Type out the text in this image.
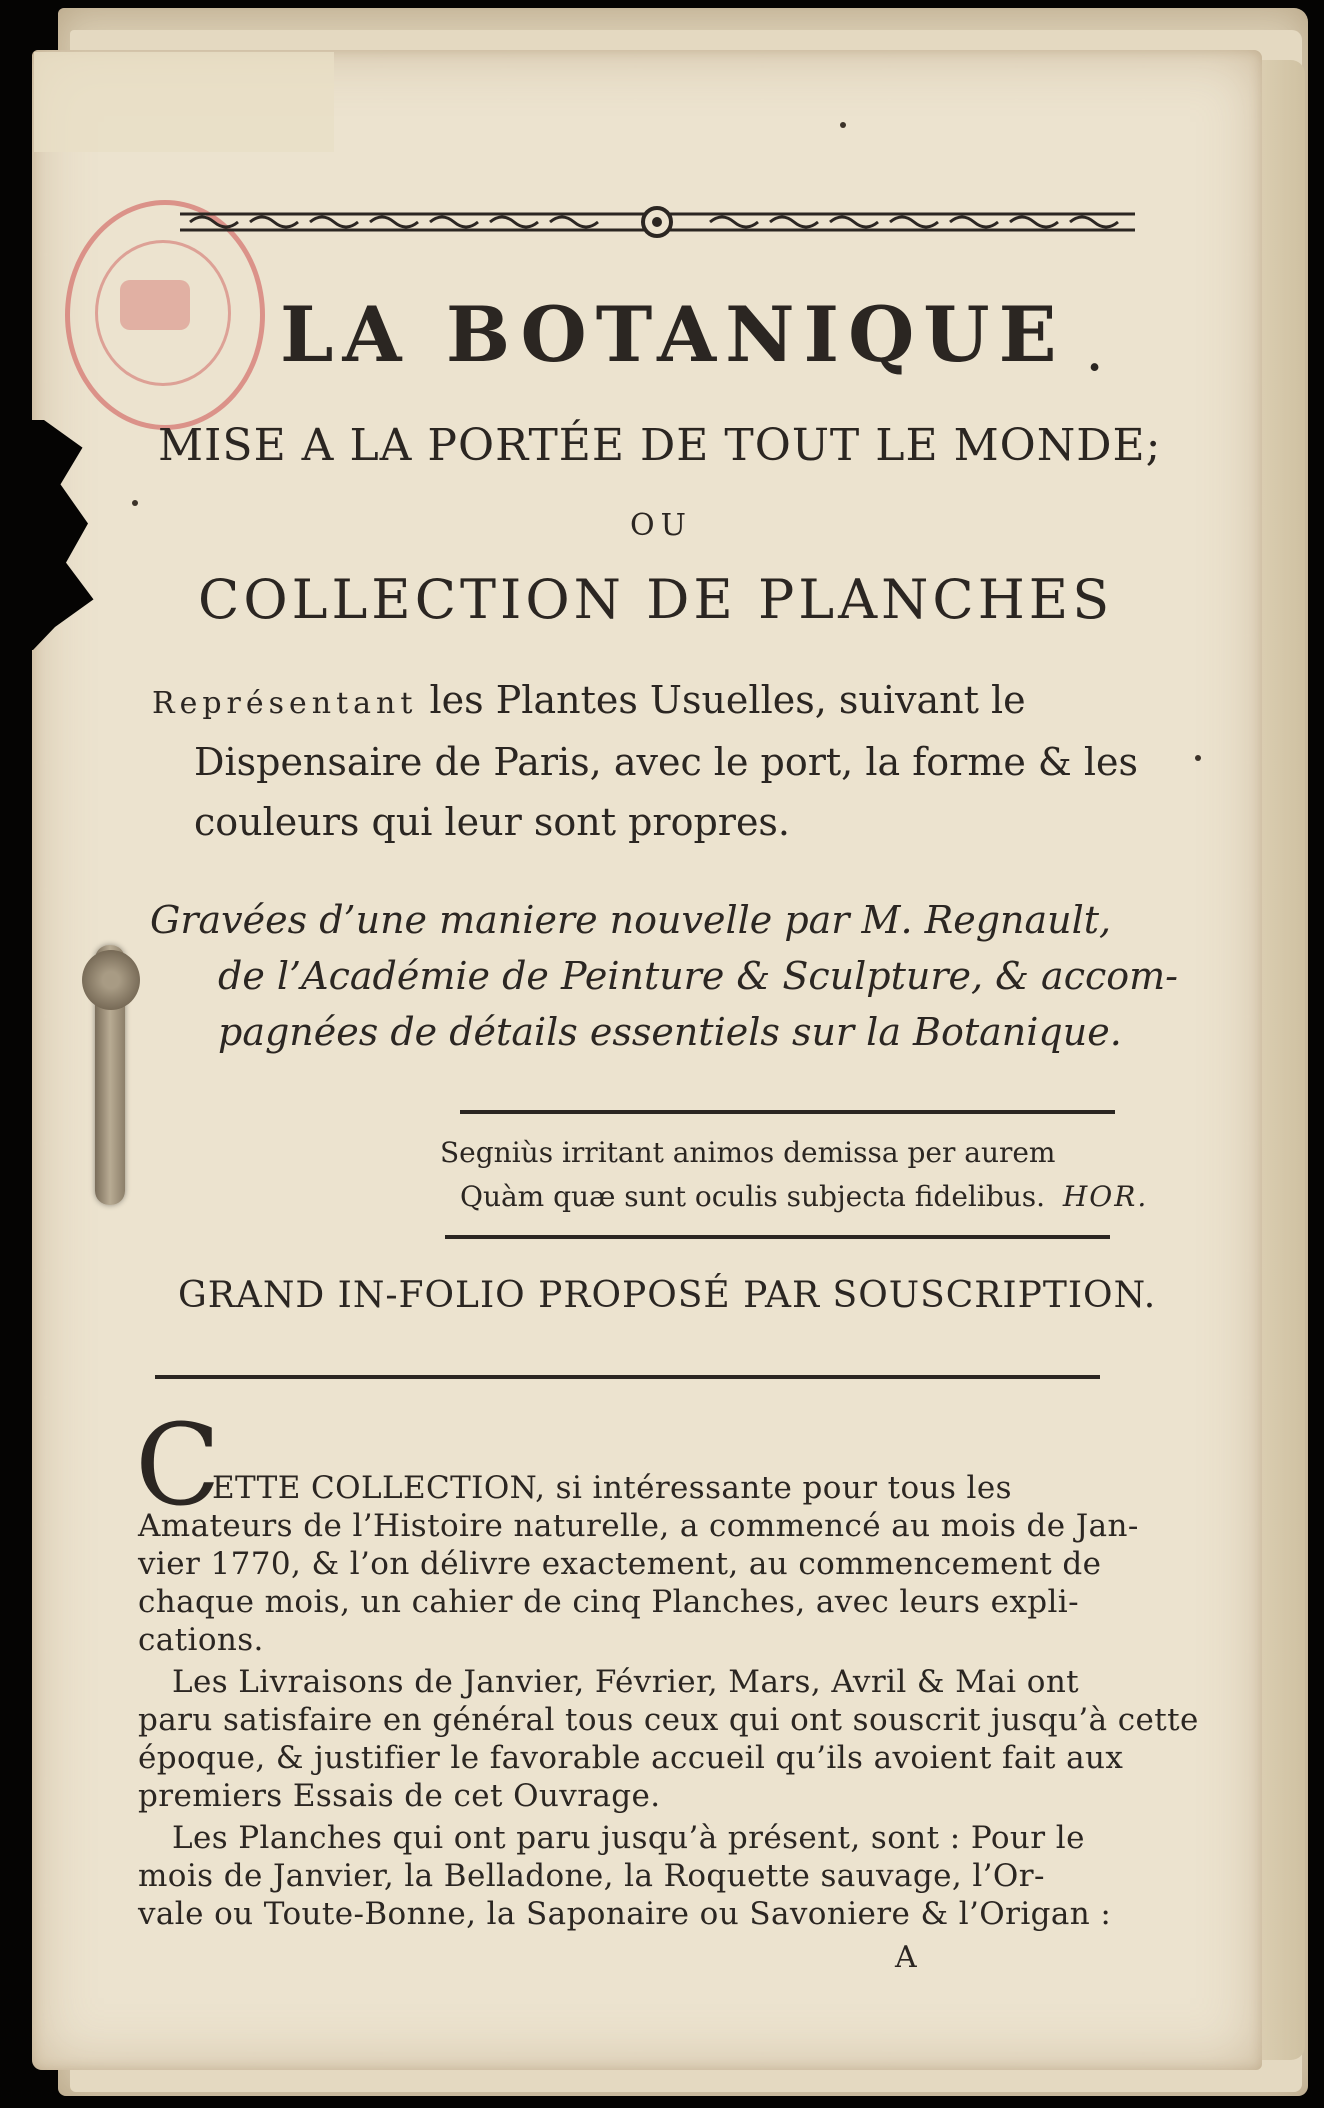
LA BOTANIQUE .
MISE A LA PORTÉE DE TOUT LE MONDE;
OU
COLLECTION DE PLANCHES
Représentant les Plantes Usuelles, suivant le
Dispensaire de Paris, avec le port, la forme & les
couleurs qui leur sont propres.
Gravées d’une maniere nouvelle par M. Regnault,
de l’Académie de Peinture & Sculpture, & accom-
pagnées de détails essentiels sur la Botanique.
Segniùs irritant animos demissa per aurem
Quàm quæ sunt oculis subjecta fidelibus. HOR.
GRAND IN-FOLIO PROPOSÉ PAR SOUSCRIPTION.
C
ETTE COLLECTION, si intéressante pour tous les
Amateurs de l’Histoire naturelle, a commencé au mois de Jan-
vier 1770, & l’on délivre exactement, au commencement de
chaque mois, un cahier de cinq Planches, avec leurs expli-
cations.
Les Livraisons de Janvier, Février, Mars, Avril & Mai ont
paru satisfaire en général tous ceux qui ont souscrit jusqu’à cette
époque, & justifier le favorable accueil qu’ils avoient fait aux
premiers Essais de cet Ouvrage.
Les Planches qui ont paru jusqu’à présent, sont : Pour le
mois de Janvier, la Belladone, la Roquette sauvage, l’Or-
vale ou Toute-Bonne, la Saponaire ou Savoniere & l’Origan :
A
